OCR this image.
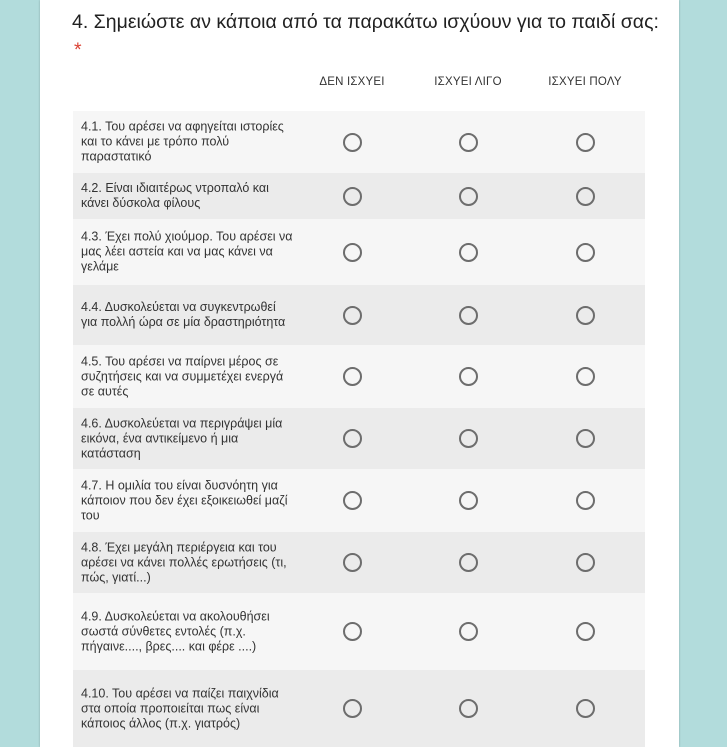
4. Σημειώστε αν κάποια από τα παρακάτω ισχύουν για το παιδί σας: *
ΔΕΝ ΙΣΧΥΕΙ	ΙΣΧΥΕΙ ΛΙΓΟ	ΙΣΧΥΕΙ ΠΟΛΥ
4.1. Του αρέσει να αφηγείται ιστορίες και το κάνει με τρόπο πολύ παραστατικό
4.2. Είναι ιδιαιτέρως ντροπαλό και κάνει δύσκολα φίλους
4.3. Έχει πολύ χιούμορ. Του αρέσει να μας λέει αστεία και να μας κάνει να γελάμε
4.4. Δυσκολεύεται να συγκεντρωθεί για πολλή ώρα σε μία δραστηριότητα
4.5. Του αρέσει να παίρνει μέρος σε συζητήσεις και να συμμετέχει ενεργά σε αυτές
4.6. Δυσκολεύεται να περιγράψει μία εικόνα, ένα αντικείμενο ή μια κατάσταση
4.7. Η ομιλία του είναι δυσνόητη για κάποιον που δεν έχει εξοικειωθεί μαζί του
4.8. Έχει μεγάλη περιέργεια και του αρέσει να κάνει πολλές ερωτήσεις (τι, πώς, γιατί...)
4.9. Δυσκολεύεται να ακολουθήσει σωστά σύνθετες εντολές (π.χ. πήγαινε...., βρες.... και φέρε ....)
4.10. Του αρέσει να παίζει παιχνίδια στα οποία προποιείται πως είναι κάποιος άλλος (π.χ. γιατρός)
